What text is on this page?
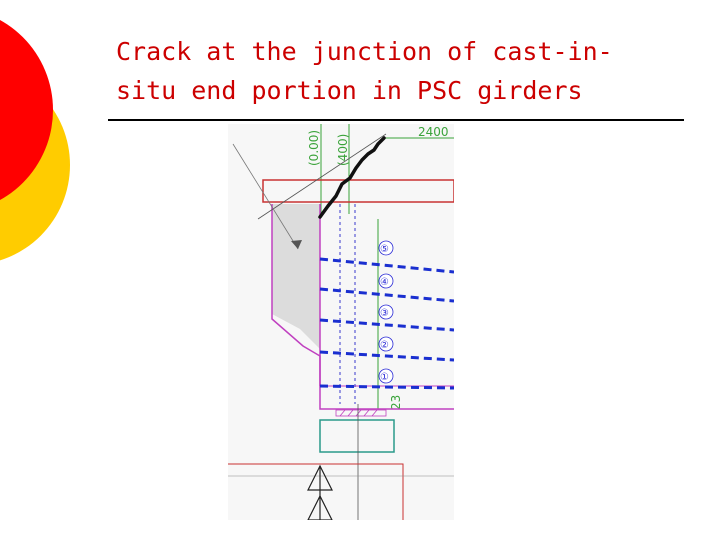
Crack at the junction of cast-in-
situ end portion in PSC girders
(0.00) (400)
2400
23
⑤
④
③
②
①
